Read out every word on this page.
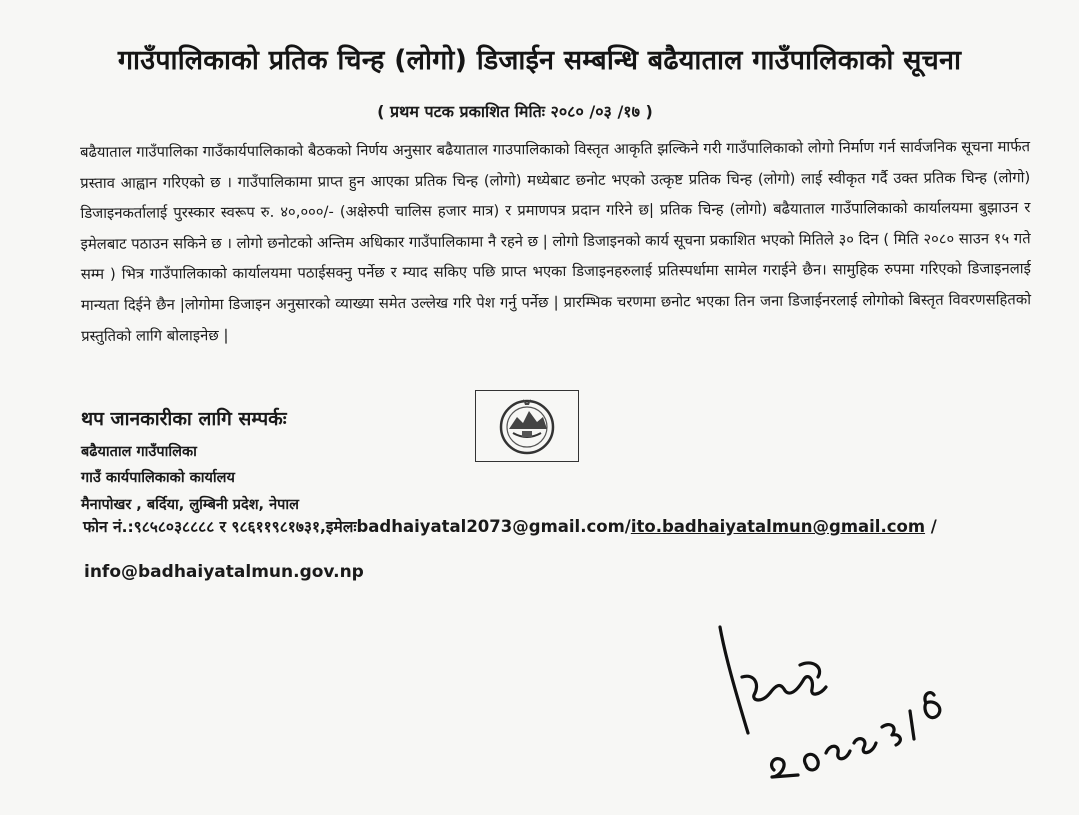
गाउँपालिकाको प्रतिक चिन्ह (लोगो) डिजाईन सम्बन्धि बढैयाताल गाउँपालिकाको सूचना
( प्रथम पटक प्रकाशित मितिः २०८० /०३ /१७ )
बढैयाताल गाउँपालिका गाउँकार्यपालिकाको बैठकको निर्णय अनुसार बढैयाताल गाउपालिकाको विस्तृत आकृति झल्किने गरी गाउँपालिकाको लोगो निर्माण गर्न सार्वजनिक सूचना मार्फत प्रस्ताव आह्वान गरिएको छ । गाउँपालिकामा प्राप्त हुन आएका प्रतिक चिन्ह (लोगो) मध्येबाट छनोट भएको उत्कृष्ट प्रतिक चिन्ह (लोगो) लाई स्वीकृत गर्दै उक्त प्रतिक चिन्ह (लोगो) डिजाइनकर्तालाई पुरस्कार स्वरूप रु. ४०,०००/- (अक्षेरुपी चालिस हजार मात्र) र प्रमाणपत्र प्रदान गरिने छ| प्रतिक चिन्ह (लोगो) बढैयाताल गाउँपालिकाको कार्यालयमा बुझाउन र इमेलबाट पठाउन सकिने छ । लोगो छनोटको अन्तिम अधिकार गाउँपालिकामा नै रहने छ | लोगो डिजाइनको कार्य सूचना प्रकाशित भएको मितिले ३० दिन ( मिति २०८० साउन १५ गते सम्म ) भित्र गाउँपालिकाको कार्यालयमा पठाईसक्नु पर्नेछ र म्याद सकिए पछि प्राप्त भएका डिजाइनहरुलाई प्रतिस्पर्धामा सामेल गराईने छैन। सामुहिक रुपमा गरिएको डिजाइनलाई मान्यता दिईने छैन |लोगोमा डिजाइन अनुसारको व्याख्या समेत उल्लेख गरि पेश गर्नु पर्नेछ | प्रारम्भिक चरणमा छनोट भएका तिन जना डिजाईनरलाई लोगोको बिस्तृत विवरणसहितको प्रस्तुतिको लागि बोलाइनेछ |
थप जानकारीका लागि सम्पर्कः
बढैयाताल गाउँपालिका
गाउँ कार्यपालिकाको कार्यालय
मैनापोखर , बर्दिया, लुम्बिनी प्रदेश, नेपाल
फोन नं.:९८५८०३८८८८ र ९८६११९८१७३१,इमेलःbadhaiyatal2073@gmail.com/ito.badhaiyatalmun@gmail.com /
info@badhaiyatalmun.gov.np
२०८०।३।१६
